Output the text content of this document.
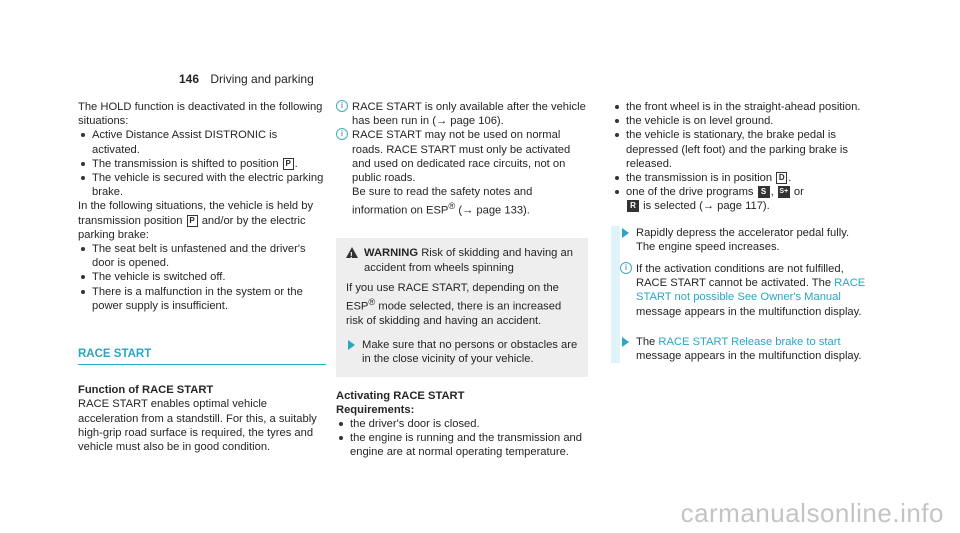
146 Driving and parking

The HOLD function is deactivated in the following situations:

Active Distance Assist DISTRONIC is activated.
The transmission is shifted to position P .
The vehicle is secured with the electric parking brake.

In the following situations, the vehicle is held by transmission position P and/or by the electric parking brake:

The seat belt is unfastened and the driver's door is opened.
The vehicle is switched off.
There is a malfunction in the system or the power supply is insufficient.
RACE START

Function of RACE START

RACE START enables optimal vehicle acceleration from a standstill. For this, a suitably high-grip road surface is required, the tyres and vehicle must also be in good condition.

i RACE START is only available after the vehicle has been run in (→ page 106).
i RACE START may not be used on normal roads. RACE START must only be activated and used on dedicated race circuits, not on public roads.
Be sure to read the safety notes and information on ESP® (→ page 133).
! WARNING Risk of skidding and having an accident from wheels spinning

If you use RACE START, depending on the ESP® mode selected, there is an increased risk of skidding and having an accident.

Make sure that no persons or obstacles are in the close vicinity of your vehicle.

Activating RACE START

Requirements:

the driver's door is closed.
the engine is running and the transmission and engine are at normal operating temperature.
the front wheel is in the straight-ahead position.
the vehicle is on level ground.
the vehicle is stationary, the brake pedal is depressed (left foot) and the parking brake is released.
the transmission is in position D .
one of the drive programs S , S+ or
R is selected (→ page 117).
Rapidly depress the accelerator pedal fully.
The engine speed increases.
i If the activation conditions are not fulfilled, RACE START cannot be activated. The RACE START not possible See Owner's Manual message appears in the multifunction display.
The RACE START Release brake to start message appears in the multifunction display.
carmanualsonline.info
